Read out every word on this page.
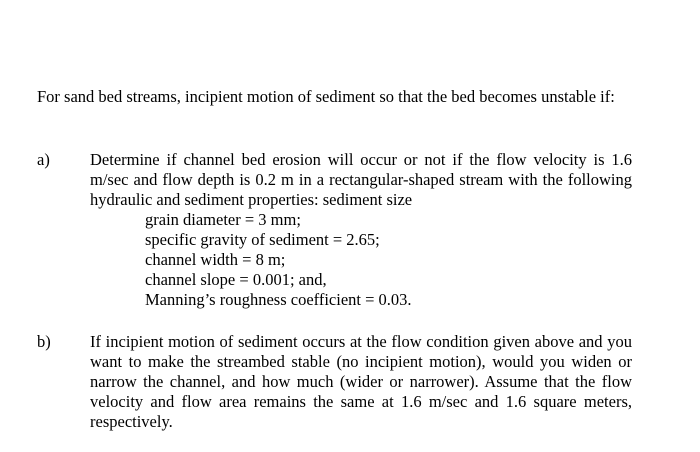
For sand bed streams, incipient motion of sediment so that the bed becomes unstable if:
a) Determine if channel bed erosion will occur or not if the flow velocity is 1.6 m/sec and flow depth is 0.2 m in a rectangular-shaped stream with the following hydraulic and sediment properties: sediment size
grain diameter = 3 mm;
specific gravity of sediment = 2.65;
channel width = 8 m;
channel slope = 0.001; and,
Manning’s roughness coefficient = 0.03.
b) If incipient motion of sediment occurs at the flow condition given above and you want to make the streambed stable (no incipient motion), would you widen or narrow the channel, and how much (wider or narrower). Assume that the flow velocity and flow area remains the same at 1.6 m/sec and 1.6 square meters, respectively.
